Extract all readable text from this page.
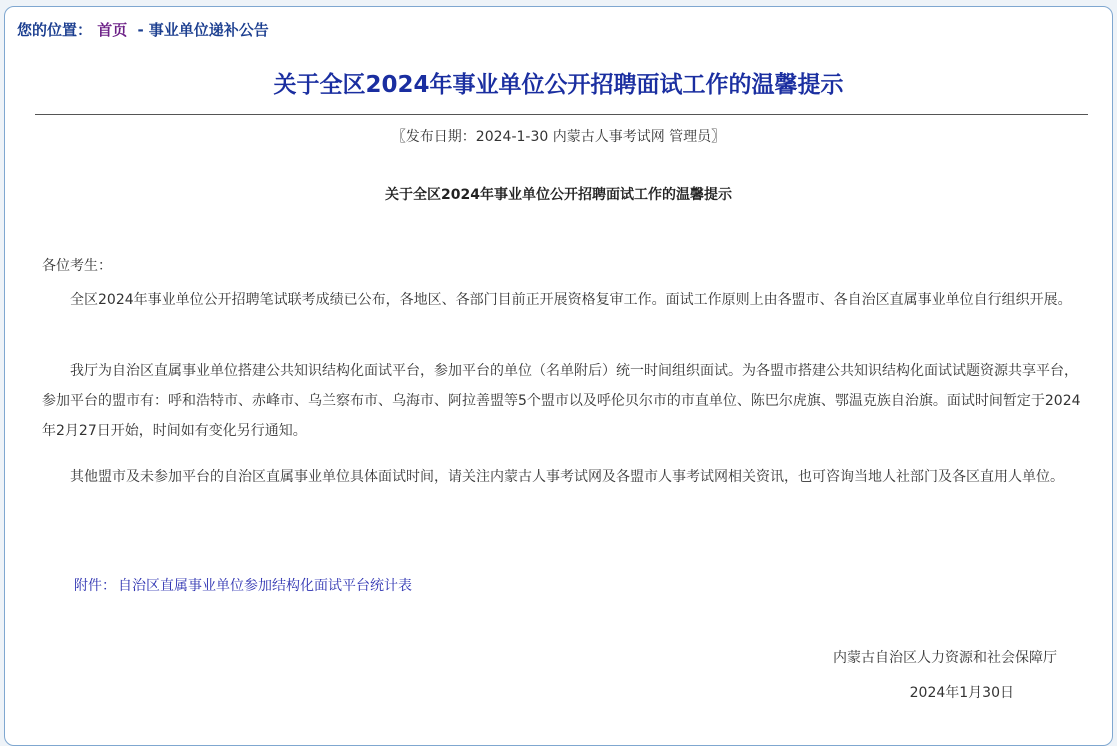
您的位置： 首页 - 事业单位递补公告
关于全区2024年事业单位公开招聘面试工作的温馨提示
〖发布日期：2024-1-30 内蒙古人事考试网 管理员〗
关于全区2024年事业单位公开招聘面试工作的温馨提示
各位考生：

全区2024年事业单位公开招聘笔试联考成绩已公布，各地区、各部门目前正开展资格复审工作。面试工作原则上由各盟市、各自治区直属事业单位自行组织开展。

我厅为自治区直属事业单位搭建公共知识结构化面试平台，参加平台的单位（名单附后）统一时间组织面试。为各盟市搭建公共知识结构化面试试题资源共享平台，参加平台的盟市有：呼和浩特市、赤峰市、乌兰察布市、乌海市、阿拉善盟等5个盟市以及呼伦贝尔市的市直单位、陈巴尔虎旗、鄂温克族自治旗。面试时间暂定于2024年2月27日开始，时间如有变化另行通知。

其他盟市及未参加平台的自治区直属事业单位具体面试时间，请关注内蒙古人事考试网及各盟市人事考试网相关资讯，也可咨询当地人社部门及各区直用人单位。

附件： 自治区直属事业单位参加结构化面试平台统计表
内蒙古自治区人力资源和社会保障厅
2024年1月30日
